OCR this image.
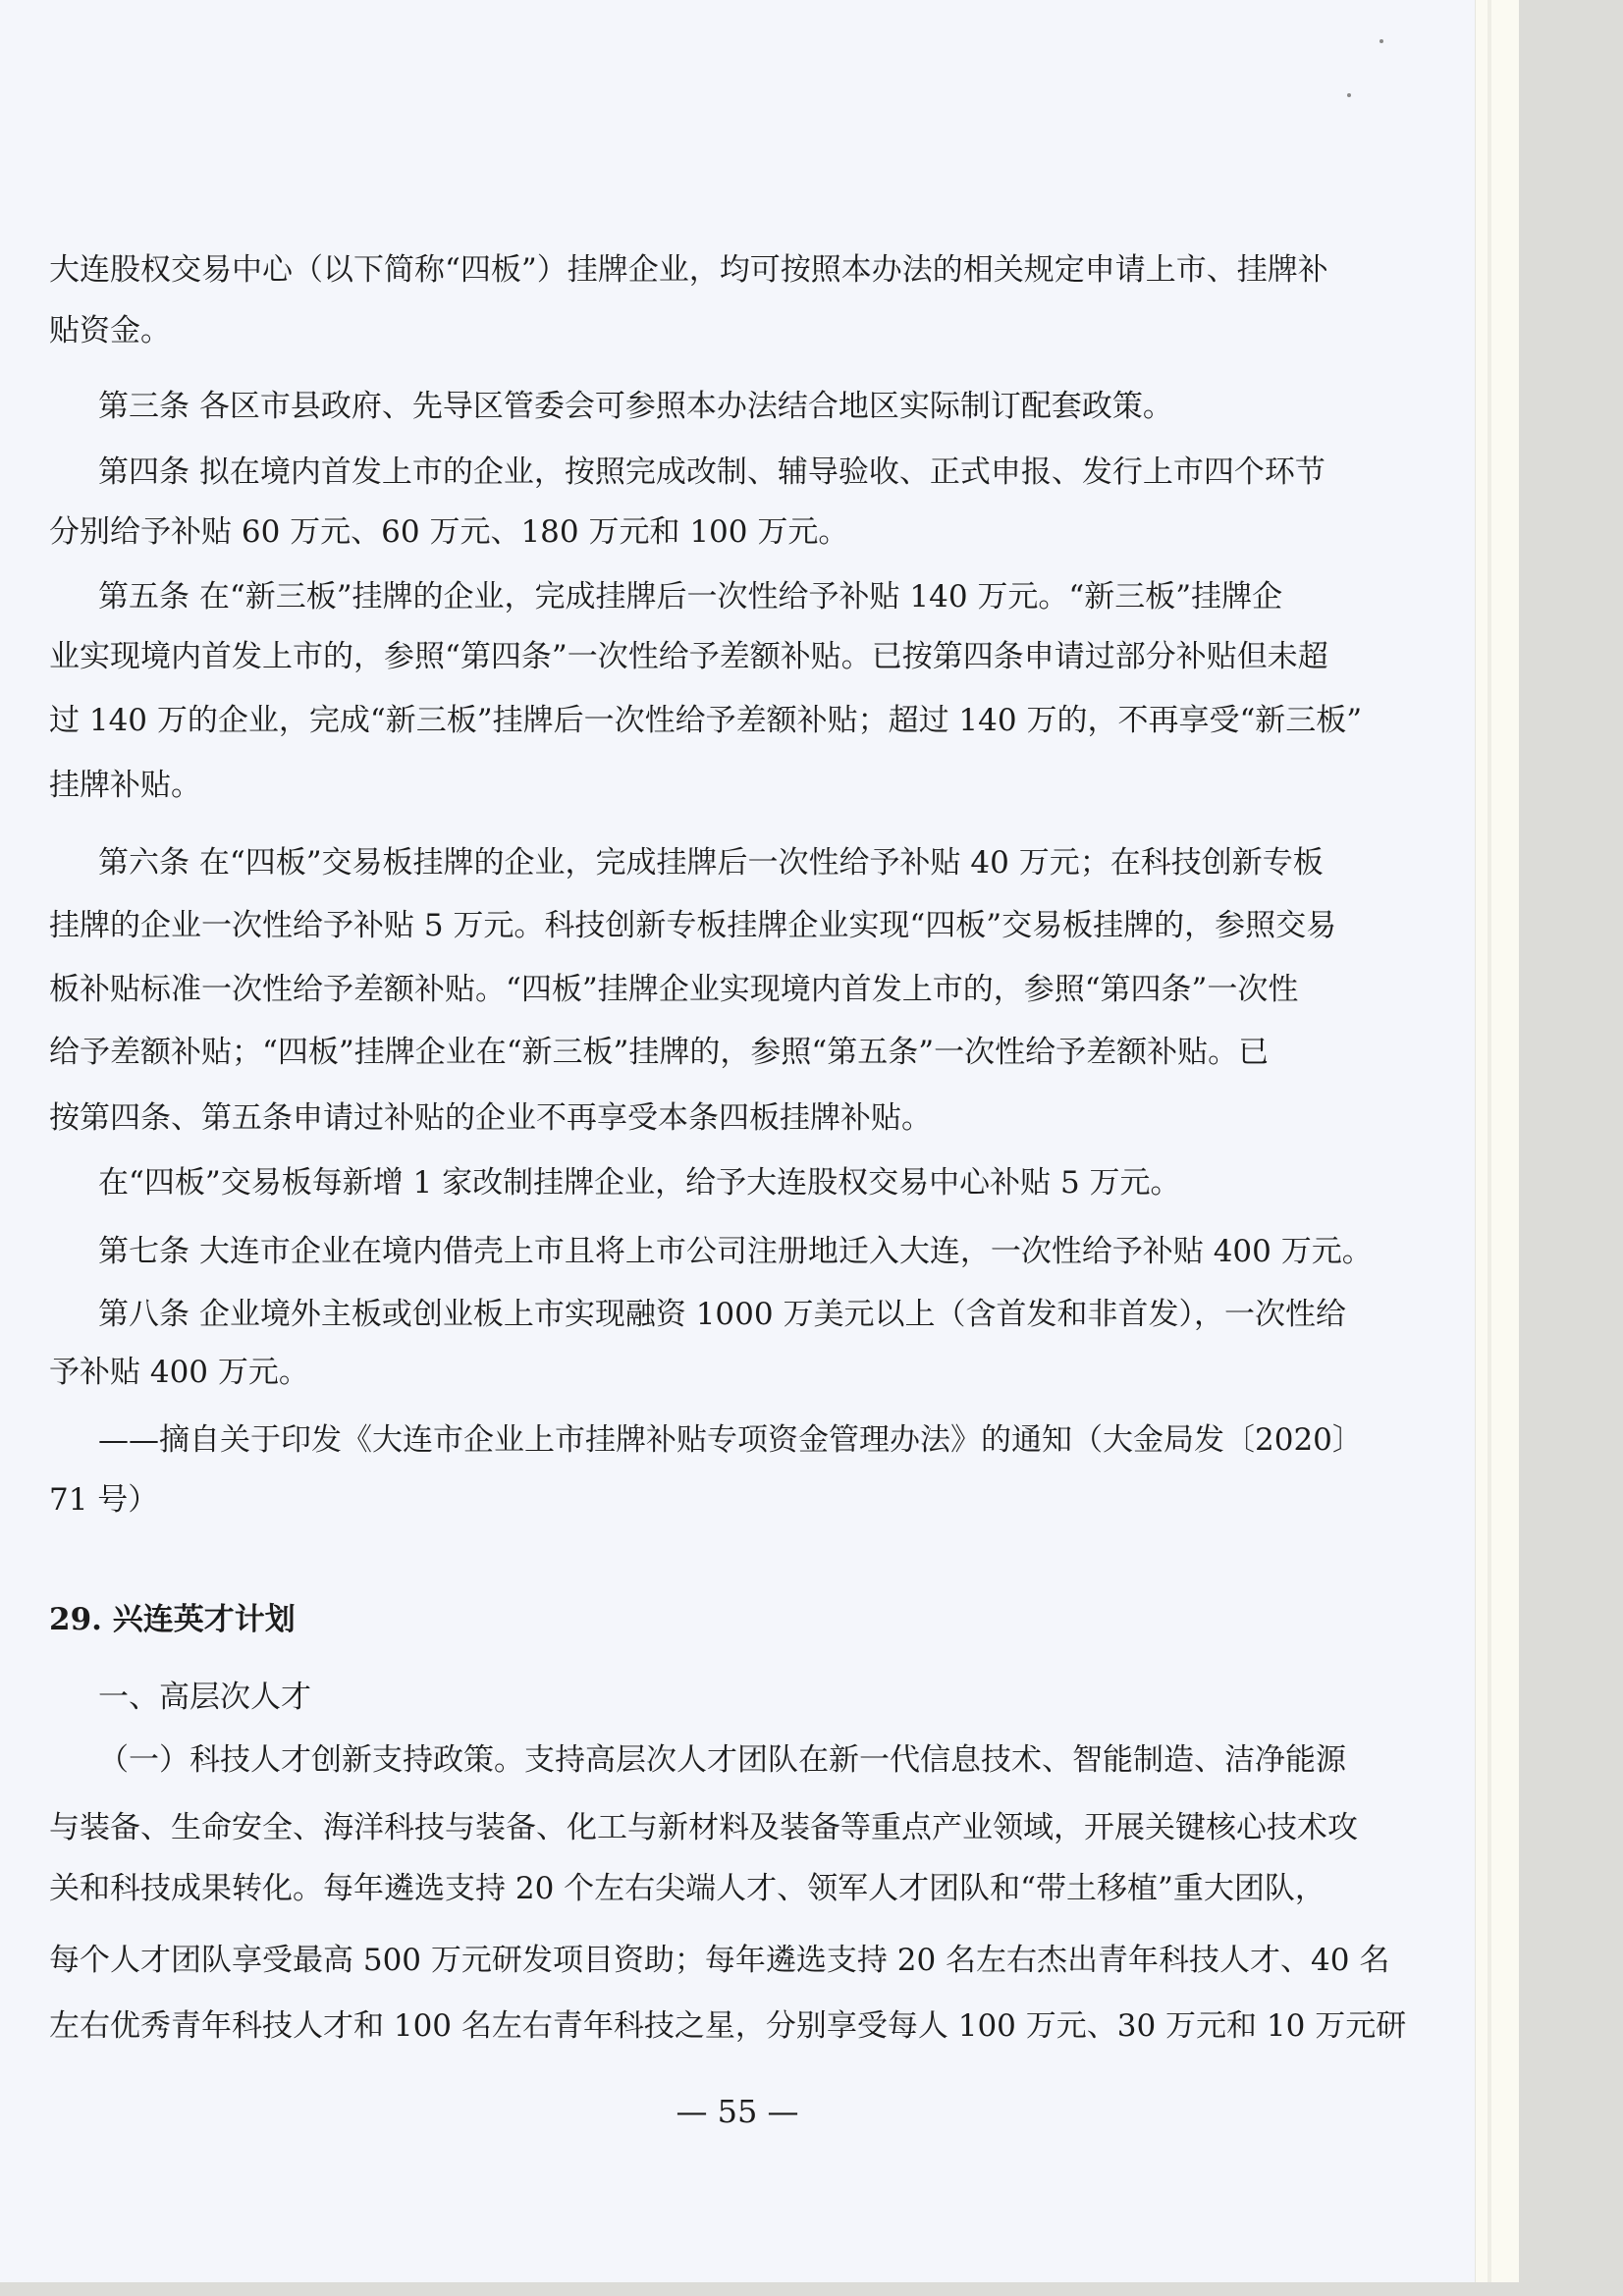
大连股权交易中心（以下简称“四板”）挂牌企业，均可按照本办法的相关规定申请上市、挂牌补
贴资金。
第三条 各区市县政府、先导区管委会可参照本办法结合地区实际制订配套政策。
第四条 拟在境内首发上市的企业，按照完成改制、辅导验收、正式申报、发行上市四个环节
分别给予补贴 60 万元、60 万元、180 万元和 100 万元。
第五条 在“新三板”挂牌的企业，完成挂牌后一次性给予补贴 140 万元。“新三板”挂牌企
业实现境内首发上市的，参照“第四条”一次性给予差额补贴。已按第四条申请过部分补贴但未超
过 140 万的企业，完成“新三板”挂牌后一次性给予差额补贴；超过 140 万的，不再享受“新三板”
挂牌补贴。
第六条 在“四板”交易板挂牌的企业，完成挂牌后一次性给予补贴 40 万元；在科技创新专板
挂牌的企业一次性给予补贴 5 万元。科技创新专板挂牌企业实现“四板”交易板挂牌的，参照交易
板补贴标准一次性给予差额补贴。“四板”挂牌企业实现境内首发上市的，参照“第四条”一次性
给予差额补贴；“四板”挂牌企业在“新三板”挂牌的，参照“第五条”一次性给予差额补贴。已
按第四条、第五条申请过补贴的企业不再享受本条四板挂牌补贴。
在“四板”交易板每新增 1 家改制挂牌企业，给予大连股权交易中心补贴 5 万元。
第七条 大连市企业在境内借壳上市且将上市公司注册地迁入大连，一次性给予补贴 400 万元。
第八条 企业境外主板或创业板上市实现融资 1000 万美元以上（含首发和非首发），一次性给
予补贴 400 万元。
——摘自关于印发《大连市企业上市挂牌补贴专项资金管理办法》的通知（大金局发〔2020〕
71 号）
29. 兴连英才计划
一、高层次人才
（一）科技人才创新支持政策。支持高层次人才团队在新一代信息技术、智能制造、洁净能源
与装备、生命安全、海洋科技与装备、化工与新材料及装备等重点产业领域，开展关键核心技术攻
关和科技成果转化。每年遴选支持 20 个左右尖端人才、领军人才团队和“带土移植”重大团队，
每个人才团队享受最高 500 万元研发项目资助；每年遴选支持 20 名左右杰出青年科技人才、40 名
左右优秀青年科技人才和 100 名左右青年科技之星，分别享受每人 100 万元、30 万元和 10 万元研
— 55 —
